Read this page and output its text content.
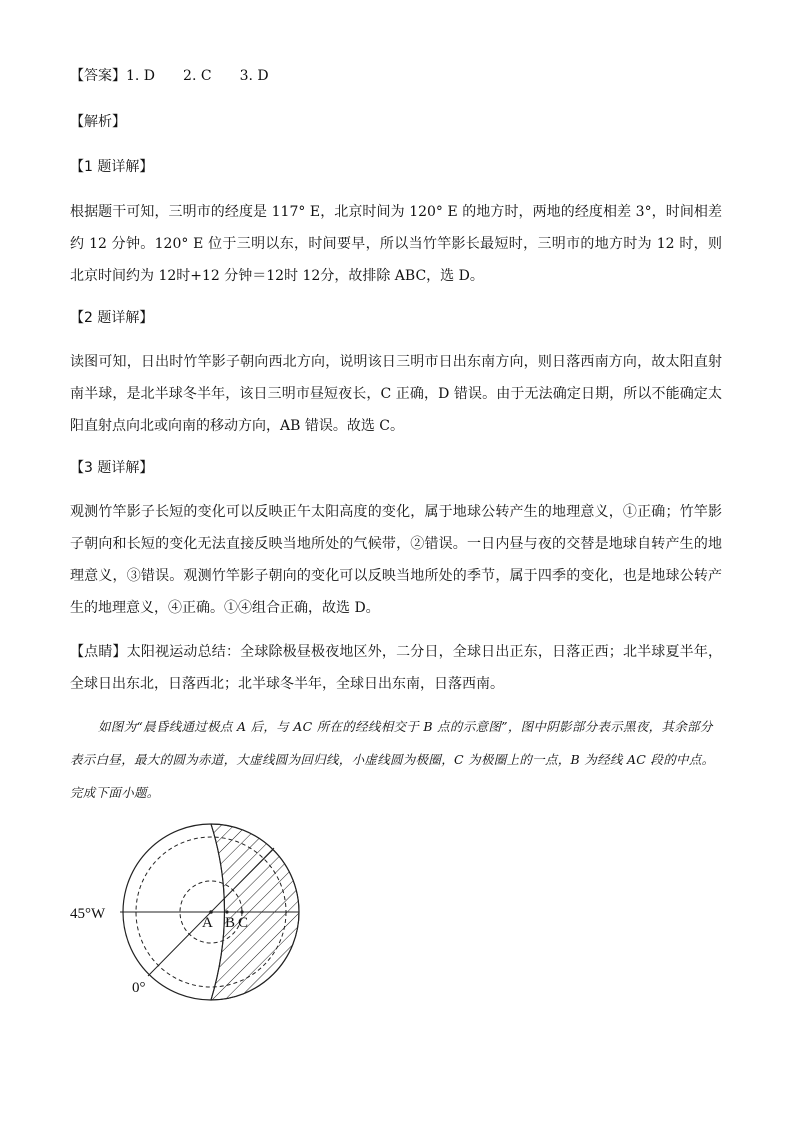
【答案】1. D 2. C 3. D
【解析】
【1 题详解】
根据题干可知，三明市的经度是 117° E，北京时间为 120° E 的地方时，两地的经度相差 3°，时间相差约 12 分钟。120° E 位于三明以东，时间要早，所以当竹竿影长最短时，三明市的地方时为 12 时，则北京时间约为 12时+12 分钟＝12时 12分，故排除 ABC，选 D。
【2 题详解】
读图可知，日出时竹竿影子朝向西北方向，说明该日三明市日出东南方向，则日落西南方向，故太阳直射南半球，是北半球冬半年，该日三明市昼短夜长，C 正确，D 错误。由于无法确定日期，所以不能确定太阳直射点向北或向南的移动方向，AB 错误。故选 C。
【3 题详解】
观测竹竿影子长短的变化可以反映正午太阳高度的变化，属于地球公转产生的地理意义，①正确；竹竿影子朝向和长短的变化无法直接反映当地所处的气候带，②错误。一日内昼与夜的交替是地球自转产生的地理意义，③错误。观测竹竿影子朝向的变化可以反映当地所处的季节，属于四季的变化，也是地球公转产生的地理意义，④正确。①④组合正确，故选 D。
【点睛】太阳视运动总结：全球除极昼极夜地区外，二分日，全球日出正东，日落正西；北半球夏半年，全球日出东北，日落西北；北半球冬半年，全球日出东南，日落西南。
如图为“晨昏线通过极点 A 后，与 AC 所在的经线相交于 B 点的示意图”，图中阴影部分表示黑夜，其余部分表示白昼，最大的圆为赤道，大虚线圆为回归线，小虚线圆为极圈，C 为极圈上的一点，B 为经线 AC 段的中点。完成下面小题。
45°W
0°
A B C
